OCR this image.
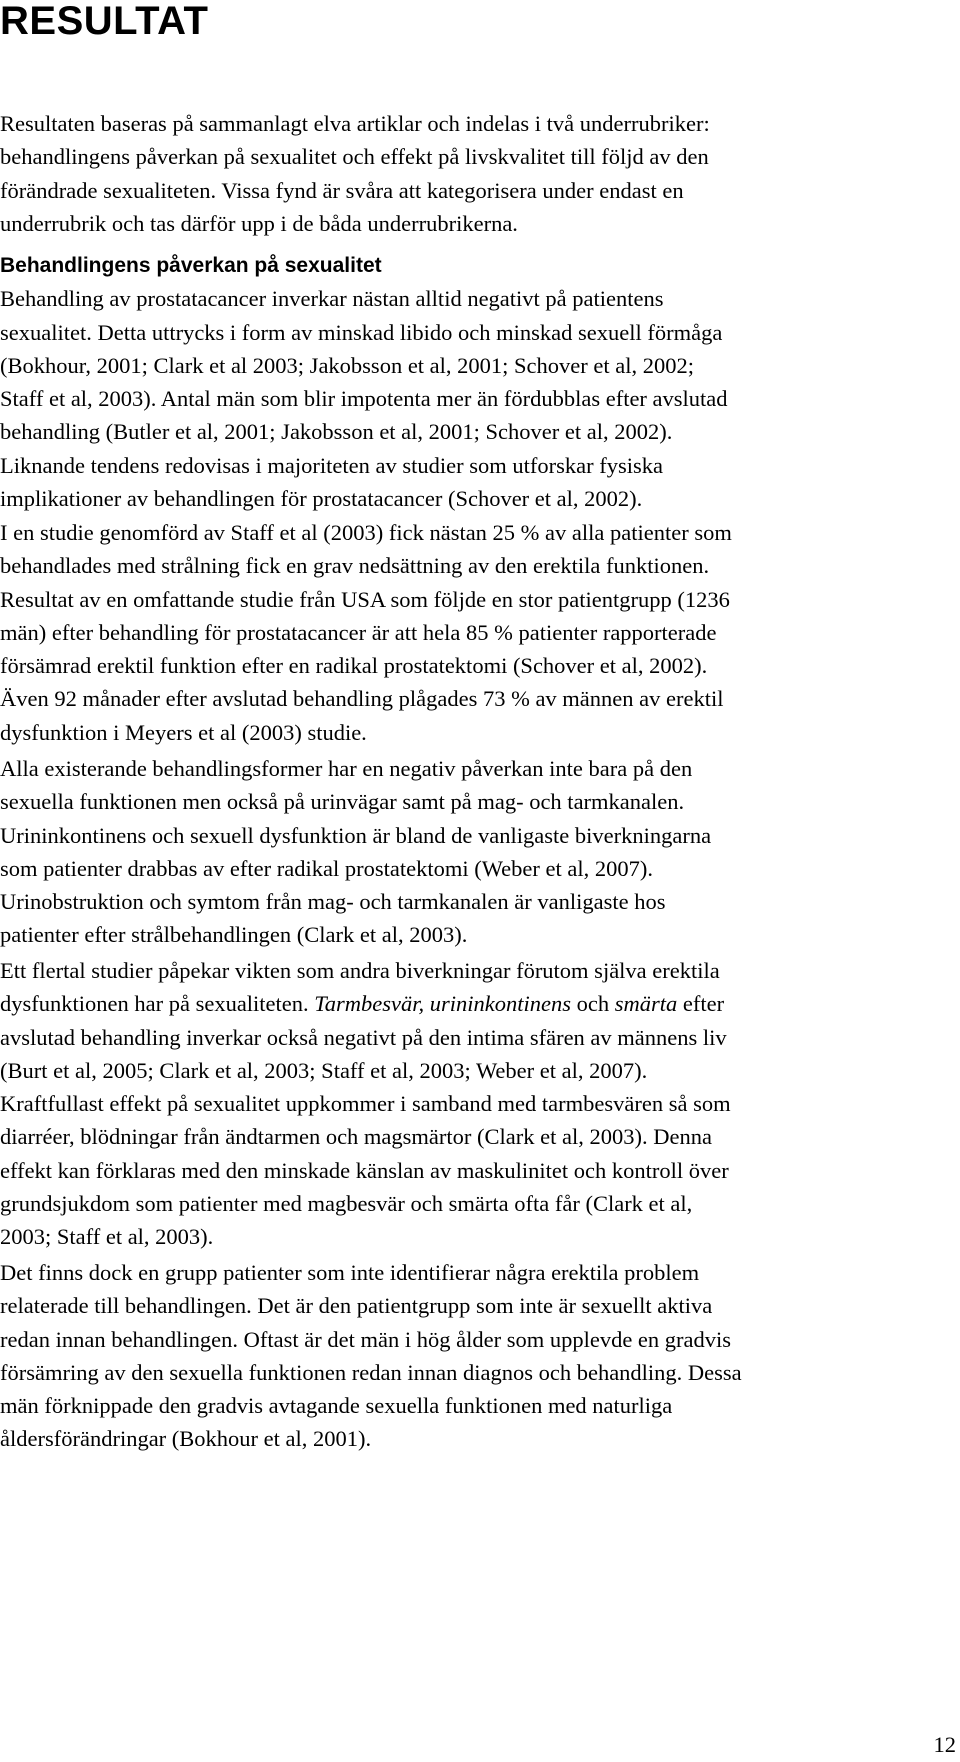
RESULTAT

Resultaten baseras på sammanlagt elva artiklar och indelas i två underrubriker:
behandlingens påverkan på sexualitet och effekt på livskvalitet till följd av den
förändrade sexualiteten. Vissa fynd är svåra att kategorisera under endast en
underrubrik och tas därför upp i de båda underrubrikerna.

Behandlingens påverkan på sexualitet
Behandling av prostatacancer inverkar nästan alltid negativt på patientens
sexualitet. Detta uttrycks i form av minskad libido och minskad sexuell förmåga
(Bokhour, 2001; Clark et al 2003; Jakobsson et al, 2001; Schover et al, 2002;
Staff et al, 2003). Antal män som blir impotenta mer än fördubblas efter avslutad
behandling (Butler et al, 2001; Jakobsson et al, 2001; Schover et al, 2002).
Liknande tendens redovisas i majoriteten av studier som utforskar fysiska
implikationer av behandlingen för prostatacancer (Schover et al, 2002).

I en studie genomförd av Staff et al (2003) fick nästan 25 % av alla patienter som
behandlades med strålning fick en grav nedsättning av den erektila funktionen.
Resultat av en omfattande studie från USA som följde en stor patientgrupp (1236
män) efter behandling för prostatacancer är att hela 85 % patienter rapporterade
försämrad erektil funktion efter en radikal prostatektomi (Schover et al, 2002).
Även 92 månader efter avslutad behandling plågades 73 % av männen av erektil
dysfunktion i Meyers et al (2003) studie.

Alla existerande behandlingsformer har en negativ påverkan inte bara på den
sexuella funktionen men också på urinvägar samt på mag- och tarmkanalen.
Urininkontinens och sexuell dysfunktion är bland de vanligaste biverkningarna
som patienter drabbas av efter radikal prostatektomi (Weber et al, 2007).
Urinobstruktion och symtom från mag- och tarmkanalen är vanligaste hos
patienter efter strålbehandlingen (Clark et al, 2003).

Ett flertal studier påpekar vikten som andra biverkningar förutom själva erektila
dysfunktionen har på sexualiteten. Tarmbesvär, urininkontinens och smärta efter
avslutad behandling inverkar också negativt på den intima sfären av männens liv
(Burt et al, 2005; Clark et al, 2003; Staff et al, 2003; Weber et al, 2007).
Kraftfullast effekt på sexualitet uppkommer i samband med tarmbesvären så som
diarréer, blödningar från ändtarmen och magsmärtor (Clark et al, 2003). Denna
effekt kan förklaras med den minskade känslan av maskulinitet och kontroll över
grundsjukdom som patienter med magbesvär och smärta ofta får (Clark et al,
2003; Staff et al, 2003).

Det finns dock en grupp patienter som inte identifierar några erektila problem
relaterade till behandlingen. Det är den patientgrupp som inte är sexuellt aktiva
redan innan behandlingen. Oftast är det män i hög ålder som upplevde en gradvis
försämring av den sexuella funktionen redan innan diagnos och behandling. Dessa
män förknippade den gradvis avtagande sexuella funktionen med naturliga
åldersförändringar (Bokhour et al, 2001).

12
